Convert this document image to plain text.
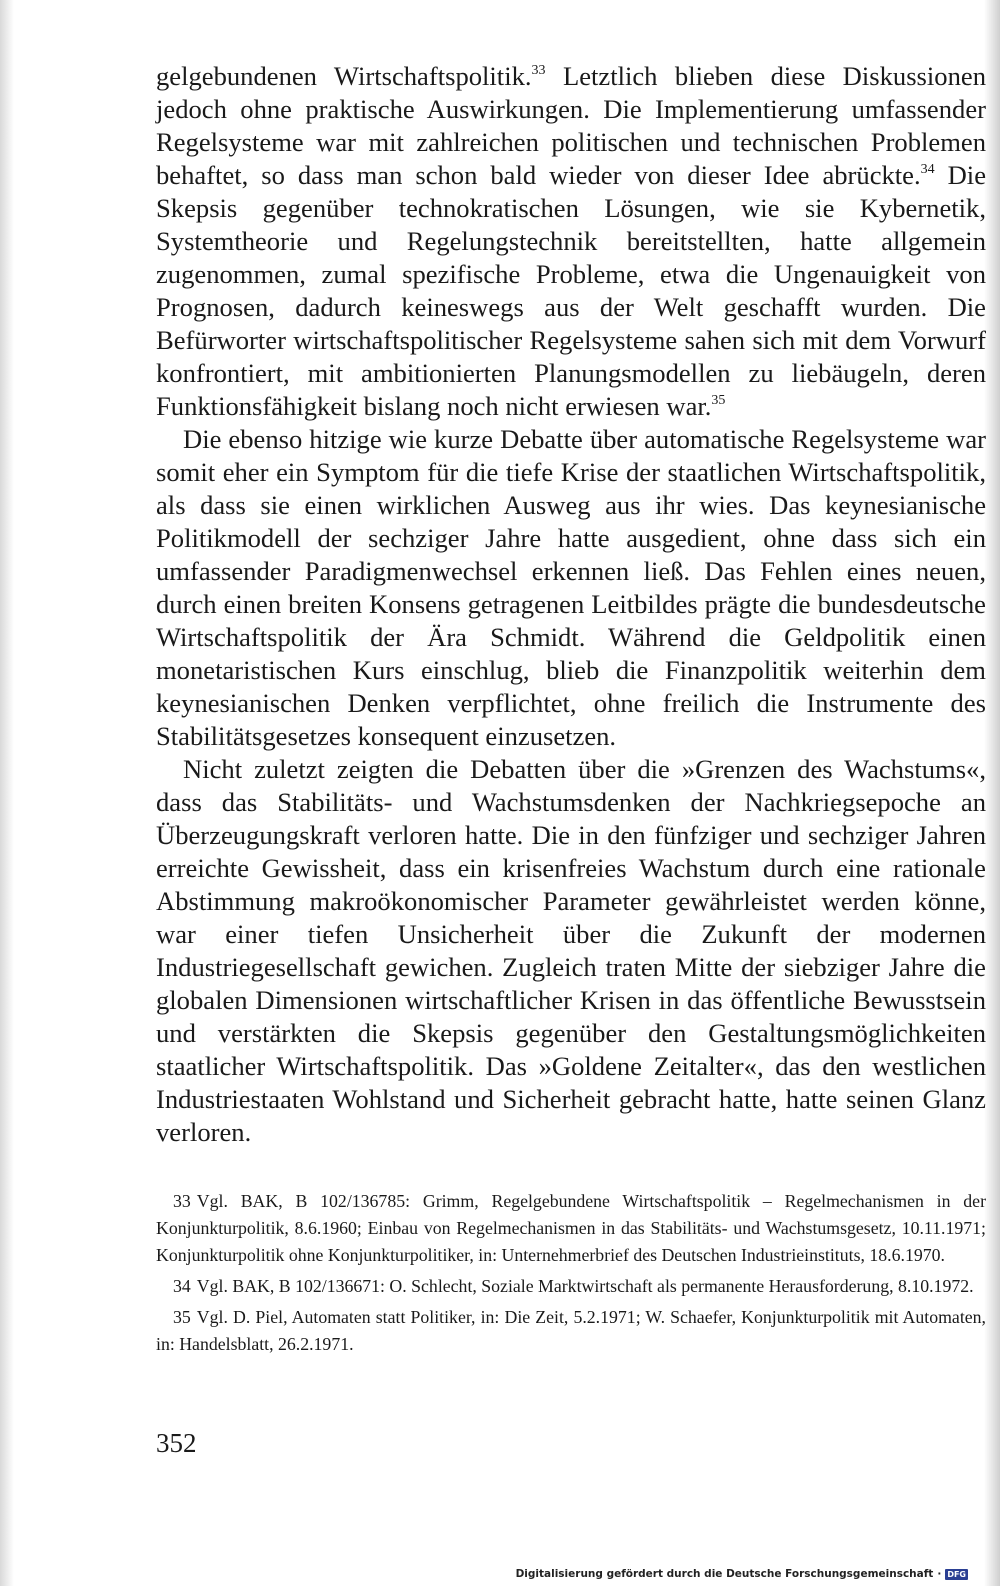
gelgebundenen Wirtschaftspolitik.$^{33}$ Letztlich blieben diese Diskussionen jedoch ohne praktische Auswirkungen. Die Implementierung umfassender Regelsysteme war mit zahlreichen politischen und technischen Problemen behaftet, so dass man schon bald wieder von dieser Idee abrückte.$^{34}$ Die Skepsis gegenüber technokratischen Lösungen, wie sie Kybernetik, Systemtheorie und Regelungstechnik bereitstellten, hatte allgemein zugenommen, zumal spezifische Probleme, etwa die Ungenauigkeit von Prognosen, dadurch keineswegs aus der Welt geschafft wurden. Die Befürworter wirtschaftspolitischer Regelsysteme sahen sich mit dem Vorwurf konfrontiert, mit ambitionierten Planungsmodellen zu liebäugeln, deren Funktionsfähigkeit bislang noch nicht erwiesen war.$^{35}$

Die ebenso hitzige wie kurze Debatte über automatische Regelsysteme war somit eher ein Symptom für die tiefe Krise der staatlichen Wirtschaftspolitik, als dass sie einen wirklichen Ausweg aus ihr wies. Das keynesianische Politikmodell der sechziger Jahre hatte ausgedient, ohne dass sich ein umfassender Paradigmenwechsel erkennen ließ. Das Fehlen eines neuen, durch einen breiten Konsens getragenen Leitbildes prägte die bundesdeutsche Wirtschaftspolitik der Ära Schmidt. Während die Geldpolitik einen monetaristischen Kurs einschlug, blieb die Finanzpolitik weiterhin dem keynesianischen Denken verpflichtet, ohne freilich die Instrumente des Stabilitätsgesetzes konsequent einzusetzen.

Nicht zuletzt zeigten die Debatten über die »Grenzen des Wachstums«, dass das Stabilitäts- und Wachstumsdenken der Nachkriegsepoche an Überzeugungskraft verloren hatte. Die in den fünfziger und sechziger Jahren erreichte Gewissheit, dass ein krisenfreies Wachstum durch eine rationale Abstimmung makroökonomischer Parameter gewährleistet werden könne, war einer tiefen Unsicherheit über die Zukunft der modernen Industriegesellschaft gewichen. Zugleich traten Mitte der siebziger Jahre die globalen Dimensionen wirtschaftlicher Krisen in das öffentliche Bewusstsein und verstärkten die Skepsis gegenüber den Gestaltungsmöglichkeiten staatlicher Wirtschaftspolitik. Das »Goldene Zeitalter«, das den westlichen Industriestaaten Wohlstand und Sicherheit gebracht hatte, hatte seinen Glanz verloren.

33 Vgl. BAK, B 102/136785: Grimm, Regelgebundene Wirtschaftspolitik – Regelmechanismen in der Konjunkturpolitik, 8.6.1960; Einbau von Regelmechanismen in das Stabilitäts- und Wachstumsgesetz, 10.11.1971; Konjunkturpolitik ohne Konjunkturpolitiker, in: Unternehmerbrief des Deutschen Industrieinstituts, 18.6.1970.

34 Vgl. BAK, B 102/136671: O. Schlecht, Soziale Marktwirtschaft als permanente Herausforderung, 8.10.1972.

35 Vgl. D. Piel, Automaten statt Politiker, in: Die Zeit, 5.2.1971; W. Schaefer, Konjunkturpolitik mit Automaten, in: Handelsblatt, 26.2.1971.

352
Digitalisierung gefördert durch die Deutsche Forschungsgemeinschaft · DFG
